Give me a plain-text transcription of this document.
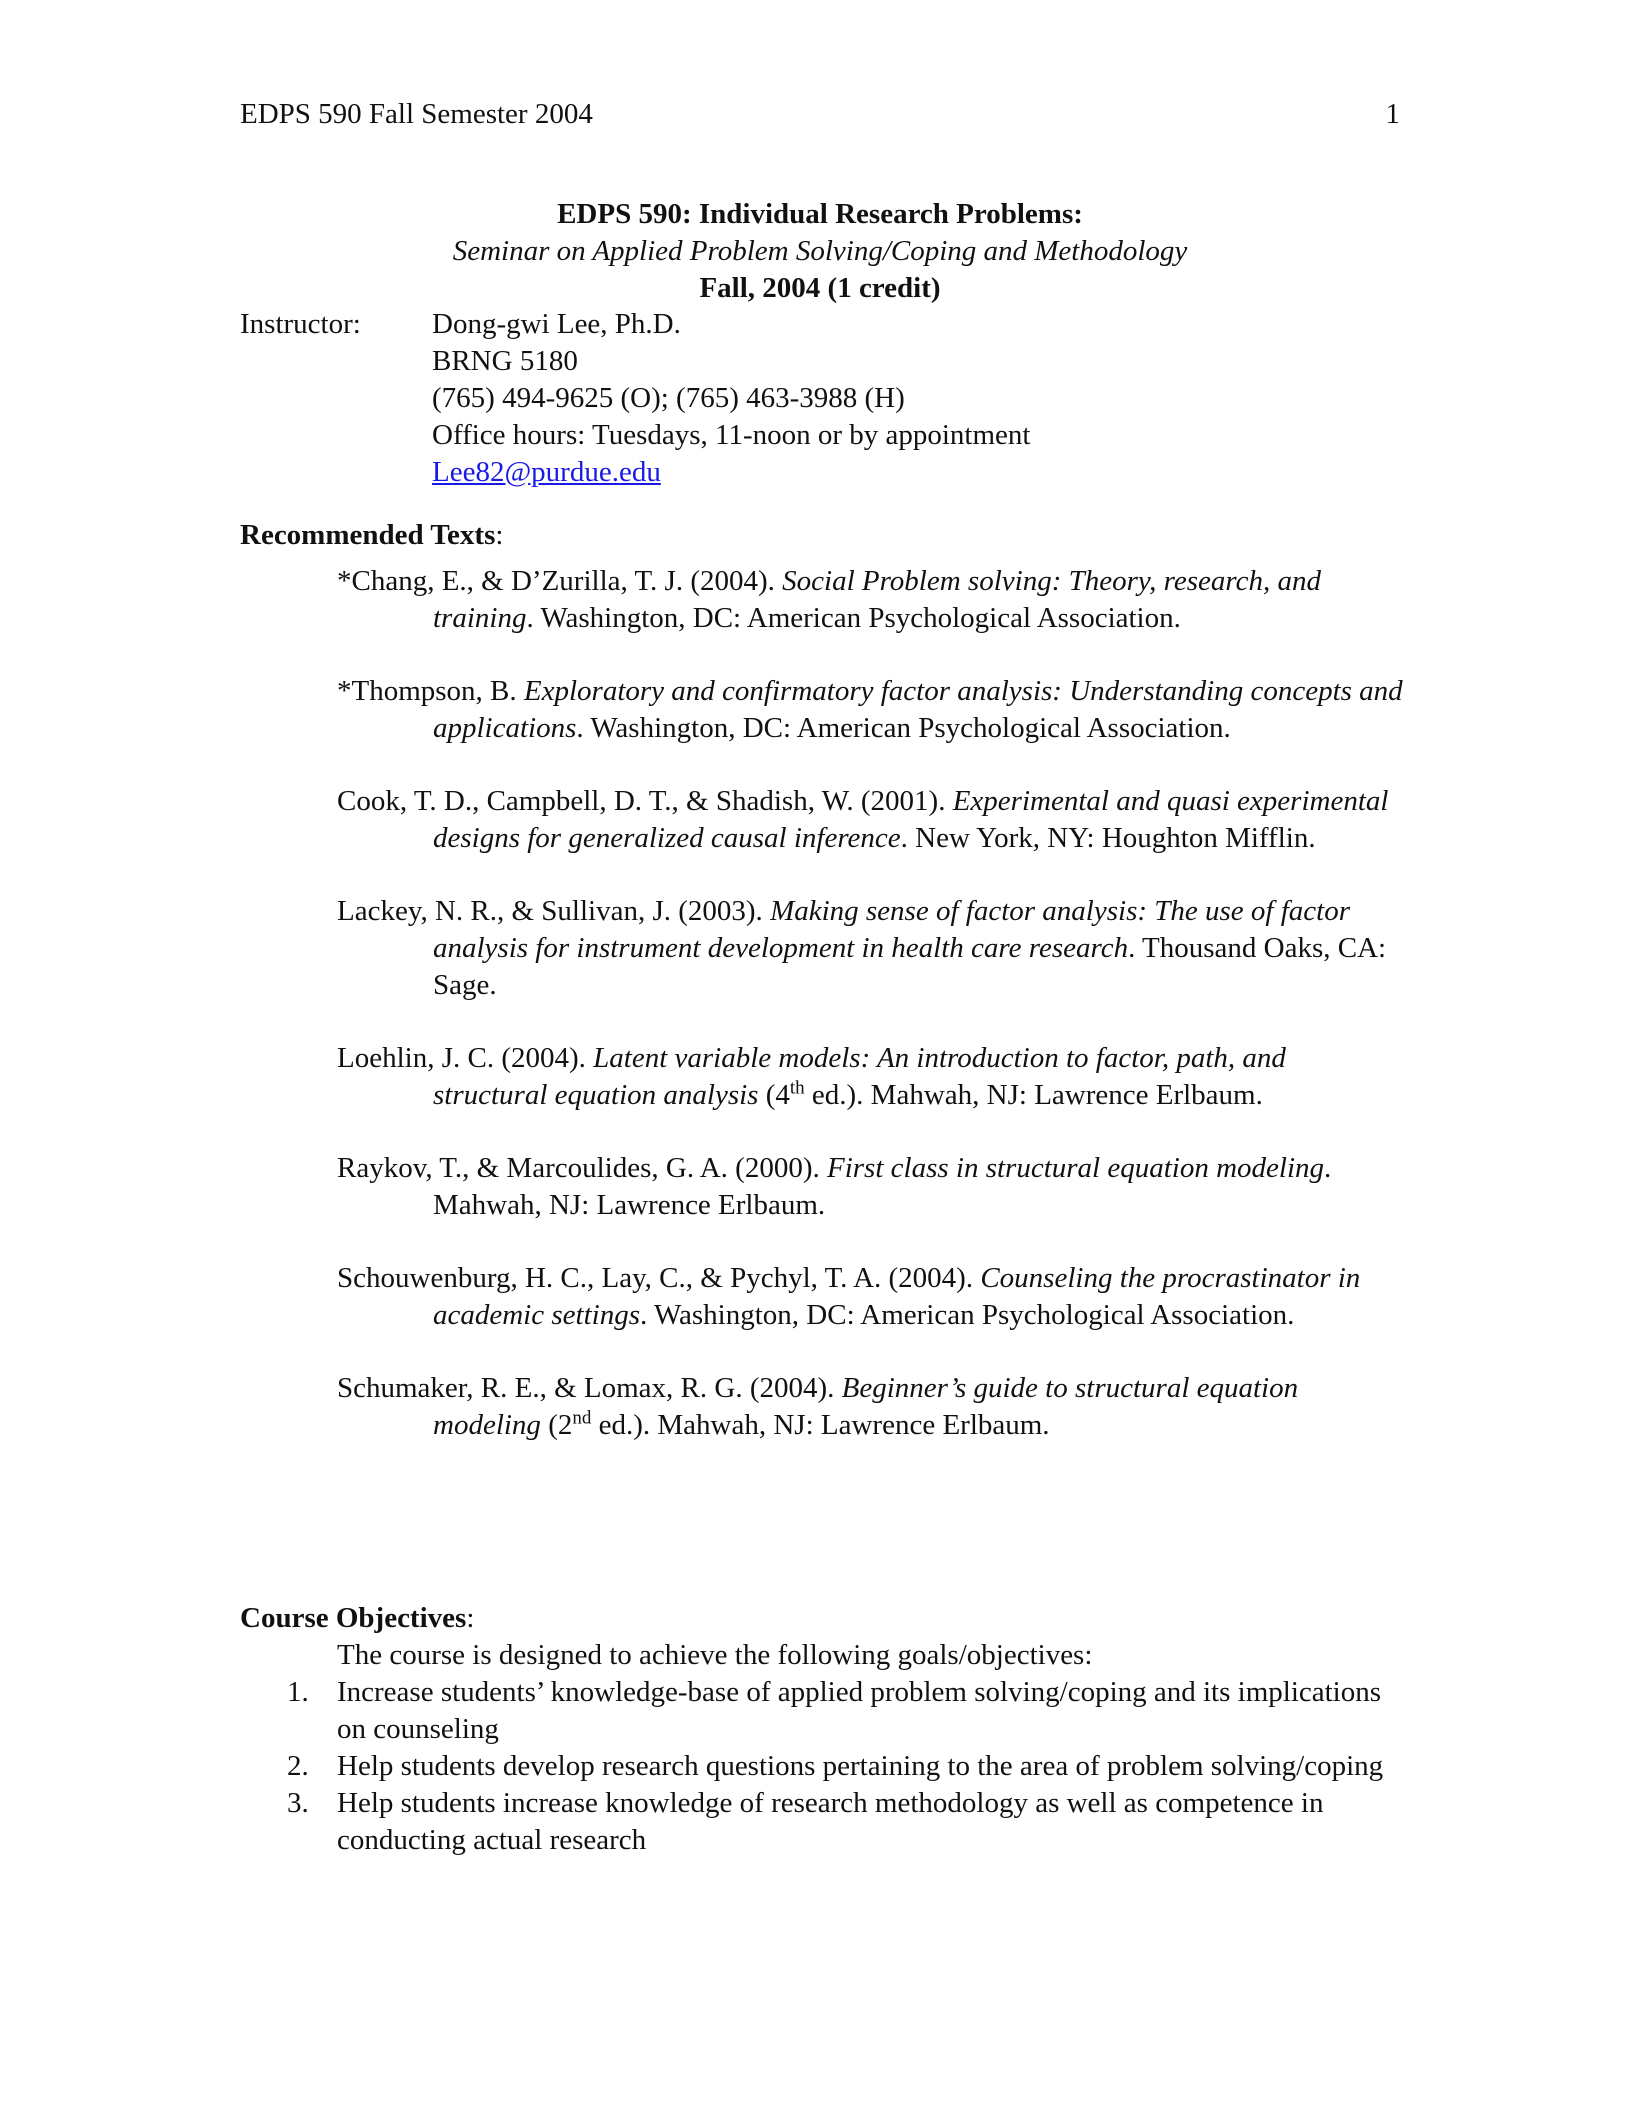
EDPS 590 Fall Semester 2004	1
EDPS 590: Individual Research Problems:
Seminar on Applied Problem Solving/Coping and Methodology
Fall, 2004 (1 credit)
Instructor: Dong-gwi Lee, Ph.D.
BRNG 5180
(765) 494-9625 (O); (765) 463-3988 (H)
Office hours: Tuesdays, 11-noon or by appointment
Lee82@purdue.edu
Recommended Texts:
*Chang, E., & D’Zurilla, T. J. (2004). Social Problem solving: Theory, research, and training. Washington, DC: American Psychological Association.
*Thompson, B. Exploratory and confirmatory factor analysis: Understanding concepts and applications. Washington, DC: American Psychological Association.
Cook, T. D., Campbell, D. T., & Shadish, W. (2001). Experimental and quasi experimental designs for generalized causal inference. New York, NY: Houghton Mifflin.
Lackey, N. R., & Sullivan, J. (2003). Making sense of factor analysis: The use of factor analysis for instrument development in health care research. Thousand Oaks, CA: Sage.
Loehlin, J. C. (2004). Latent variable models: An introduction to factor, path, and structural equation analysis (4th ed.). Mahwah, NJ: Lawrence Erlbaum.
Raykov, T., & Marcoulides, G. A. (2000). First class in structural equation modeling. Mahwah, NJ: Lawrence Erlbaum.
Schouwenburg, H. C., Lay, C., & Pychyl, T. A. (2004). Counseling the procrastinator in academic settings. Washington, DC: American Psychological Association.
Schumaker, R. E., & Lomax, R. G. (2004). Beginner’s guide to structural equation modeling (2nd ed.). Mahwah, NJ: Lawrence Erlbaum.
Course Objectives:
The course is designed to achieve the following goals/objectives:
1. Increase students’ knowledge-base of applied problem solving/coping and its implications on counseling
2. Help students develop research questions pertaining to the area of problem solving/coping
3. Help students increase knowledge of research methodology as well as competence in conducting actual research
